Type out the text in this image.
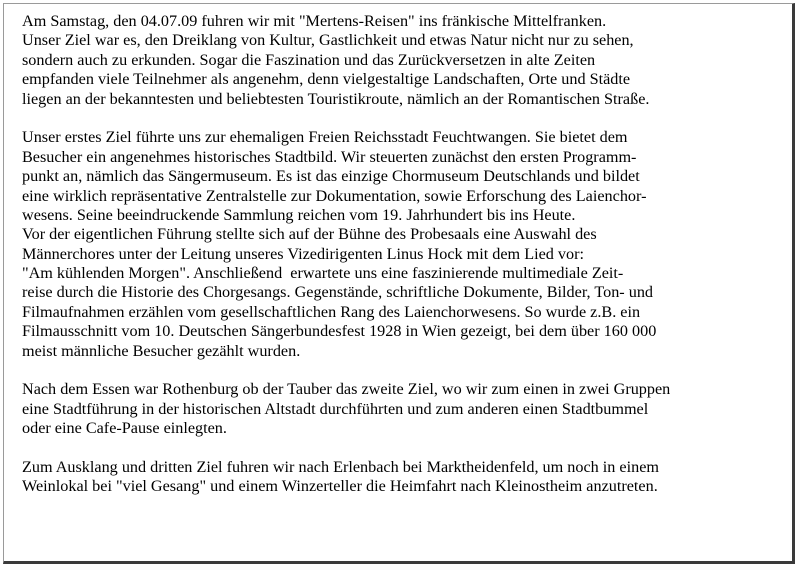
Am Samstag, den 04.07.09 fuhren wir mit "Mertens-Reisen" ins fränkische Mittelfranken.
Unser Ziel war es, den Dreiklang von Kultur, Gastlichkeit und etwas Natur nicht nur zu sehen,
sondern auch zu erkunden. Sogar die Faszination und das Zurückversetzen in alte Zeiten
empfanden viele Teilnehmer als angenehm, denn vielgestaltige Landschaften, Orte und Städte
liegen an der bekanntesten und beliebtesten Touristikroute, nämlich an der Romantischen Straße.
Unser erstes Ziel führte uns zur ehemaligen Freien Reichsstadt Feuchtwangen. Sie bietet dem
Besucher ein angenehmes historisches Stadtbild. Wir steuerten zunächst den ersten Programm-
punkt an, nämlich das Sängermuseum. Es ist das einzige Chormuseum Deutschlands und bildet
eine wirklich repräsentative Zentralstelle zur Dokumentation, sowie Erforschung des Laienchor-
wesens. Seine beeindruckende Sammlung reichen vom 19. Jahrhundert bis ins Heute.
Vor der eigentlichen Führung stellte sich auf der Bühne des Probesaals eine Auswahl des
Männerchores unter der Leitung unseres Vizedirigenten Linus Hock mit dem Lied vor:
"Am kühlenden Morgen". Anschließend  erwartete uns eine faszinierende multimediale Zeit-
reise durch die Historie des Chorgesangs. Gegenstände, schriftliche Dokumente, Bilder, Ton- und
Filmaufnahmen erzählen vom gesellschaftlichen Rang des Laienchorwesens. So wurde z.B. ein
Filmausschnitt vom 10. Deutschen Sängerbundesfest 1928 in Wien gezeigt, bei dem über 160 000
meist männliche Besucher gezählt wurden.
Nach dem Essen war Rothenburg ob der Tauber das zweite Ziel, wo wir zum einen in zwei Gruppen
eine Stadtführung in der historischen Altstadt durchführten und zum anderen einen Stadtbummel
oder eine Cafe-Pause einlegten.
Zum Ausklang und dritten Ziel fuhren wir nach Erlenbach bei Marktheidenfeld, um noch in einem
Weinlokal bei "viel Gesang" und einem Winzerteller die Heimfahrt nach Kleinostheim anzutreten.
